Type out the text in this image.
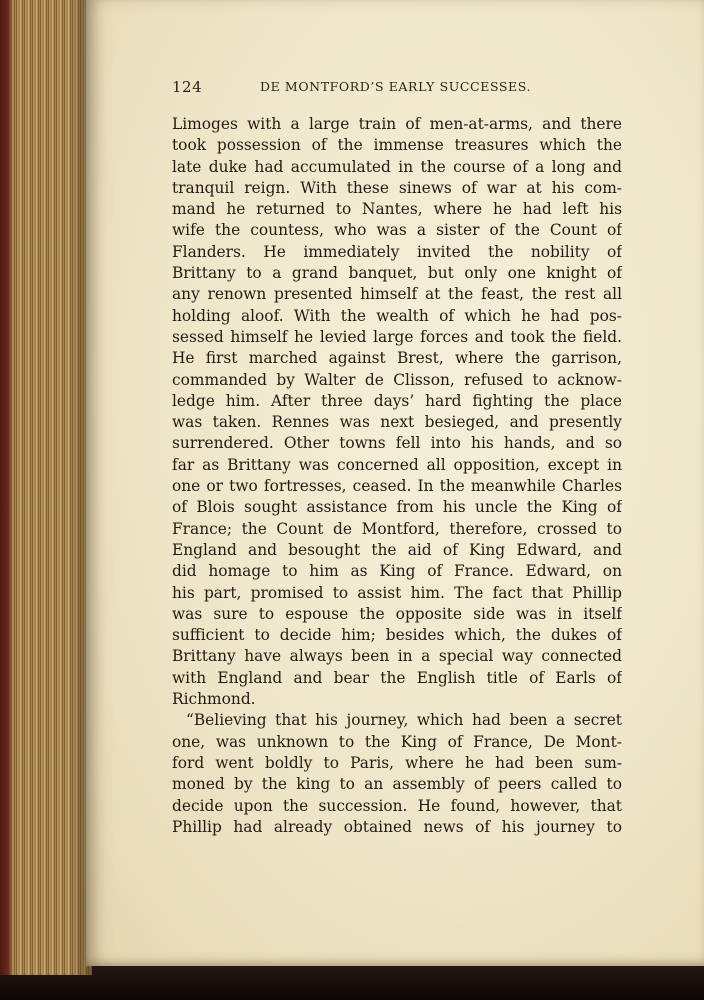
124	DE MONTFORD’S EARLY SUCCESSES.
Limoges with a large train of men-at-arms, and there
took possession of the immense treasures which the
late duke had accumulated in the course of a long and
tranquil reign. With these sinews of war at his com-
mand he returned to Nantes, where he had left his
wife the countess, who was a sister of the Count of
Flanders. He immediately invited the nobility of
Brittany to a grand banquet, but only one knight of
any renown presented himself at the feast, the rest all
holding aloof. With the wealth of which he had pos-
sessed himself he levied large forces and took the field.
He first marched against Brest, where the garrison,
commanded by Walter de Clisson, refused to acknow-
ledge him. After three days’ hard fighting the place
was taken. Rennes was next besieged, and presently
surrendered. Other towns fell into his hands, and so
far as Brittany was concerned all opposition, except in
one or two fortresses, ceased. In the meanwhile Charles
of Blois sought assistance from his uncle the King of
France; the Count de Montford, therefore, crossed to
England and besought the aid of King Edward, and
did homage to him as King of France. Edward, on
his part, promised to assist him. The fact that Phillip
was sure to espouse the opposite side was in itself
sufficient to decide him; besides which, the dukes of
Brittany have always been in a special way connected
with England and bear the English title of Earls of
Richmond.
“Believing that his journey, which had been a secret
one, was unknown to the King of France, De Mont-
ford went boldly to Paris, where he had been sum-
moned by the king to an assembly of peers called to
decide upon the succession. He found, however, that
Phillip had already obtained news of his journey to
